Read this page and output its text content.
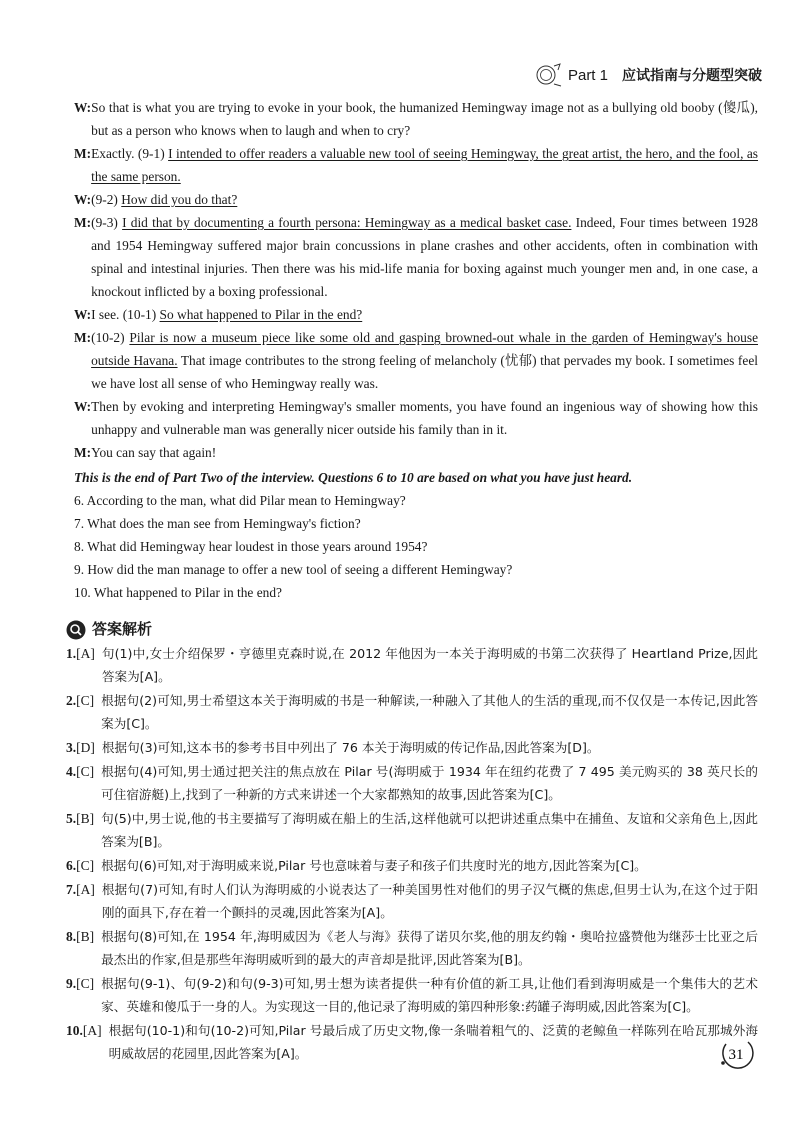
Part 1 应试指南与分题型突破
W: So that is what you are trying to evoke in your book, the humanized Hemingway image not as a bullying old booby (傻瓜), but as a person who knows when to laugh and when to cry?
M: Exactly. (9-1) I intended to offer readers a valuable new tool of seeing Hemingway, the great artist, the hero, and the fool, as the same person.
W: (9-2) How did you do that?
M: (9-3) I did that by documenting a fourth persona: Hemingway as a medical basket case. Indeed, Four times between 1928 and 1954 Hemingway suffered major brain concussions in plane crashes and other accidents, often in combination with spinal and intestinal injuries. Then there was his mid-life mania for boxing against much younger men and, in one case, a knockout inflicted by a boxing professional.
W: I see. (10-1) So what happened to Pilar in the end?
M: (10-2) Pilar is now a museum piece like some old and gasping browned-out whale in the garden of Hemingway's house outside Havana. That image contributes to the strong feeling of melancholy (忧郁) that pervades my book. I sometimes feel we have lost all sense of who Hemingway really was.
W: Then by evoking and interpreting Hemingway's smaller moments, you have found an ingenious way of showing how this unhappy and vulnerable man was generally nicer outside his family than in it.
M: You can say that again!
This is the end of Part Two of the interview. Questions 6 to 10 are based on what you have just heard.
6. According to the man, what did Pilar mean to Hemingway?
7. What does the man see from Hemingway's fiction?
8. What did Hemingway hear loudest in those years around 1954?
9. How did the man manage to offer a new tool of seeing a different Hemingway?
10. What happened to Pilar in the end?
答案解析
1. [A] 句(1)中,女士介绍保罗・亨德里克森时说,在 2012 年他因为一本关于海明威的书第二次获得了 Heartland Prize,因此答案为[A]。
2. [C] 根据句(2)可知,男士希望这本关于海明威的书是一种解读,一种融入了其他人的生活的重现,而不仅仅是一本传记,因此答案为[C]。
3. [D] 根据句(3)可知,这本书的参考书目中列出了 76 本关于海明威的传记作品,因此答案为[D]。
4. [C] 根据句(4)可知,男士通过把关注的焦点放在 Pilar 号(海明威于 1934 年在纽约花费了 7 495 美元购买的 38 英尺长的可住宿游艇)上,找到了一种新的方式来讲述一个大家都熟知的故事,因此答案为[C]。
5. [B] 句(5)中,男士说,他的书主要描写了海明威在船上的生活,这样他就可以把讲述重点集中在捕鱼、友谊和父亲角色上,因此答案为[B]。
6. [C] 根据句(6)可知,对于海明威来说,Pilar 号也意味着与妻子和孩子们共度时光的地方,因此答案为[C]。
7. [A] 根据句(7)可知,有时人们认为海明威的小说表达了一种美国男性对他们的男子汉气概的焦虑,但男士认为,在这个过于阳刚的面具下,存在着一个颤抖的灵魂,因此答案为[A]。
8. [B] 根据句(8)可知,在 1954 年,海明威因为《老人与海》获得了诺贝尔奖,他的朋友约翰・奥哈拉盛赞他为继莎士比亚之后最杰出的作家,但是那些年海明威听到的最大的声音却是批评,因此答案为[B]。
9. [C] 根据句(9-1)、句(9-2)和句(9-3)可知,男士想为读者提供一种有价值的新工具,让他们看到海明威是一个集伟大的艺术家、英雄和傻瓜于一身的人。为实现这一目的,他记录了海明威的第四种形象:药罐子海明威,因此答案为[C]。
10. [A] 根据句(10-1)和句(10-2)可知,Pilar 号最后成了历史文物,像一条喘着粗气的、泛黄的老鲸鱼一样陈列在哈瓦那城外海明威故居的花园里,因此答案为[A]。	31
